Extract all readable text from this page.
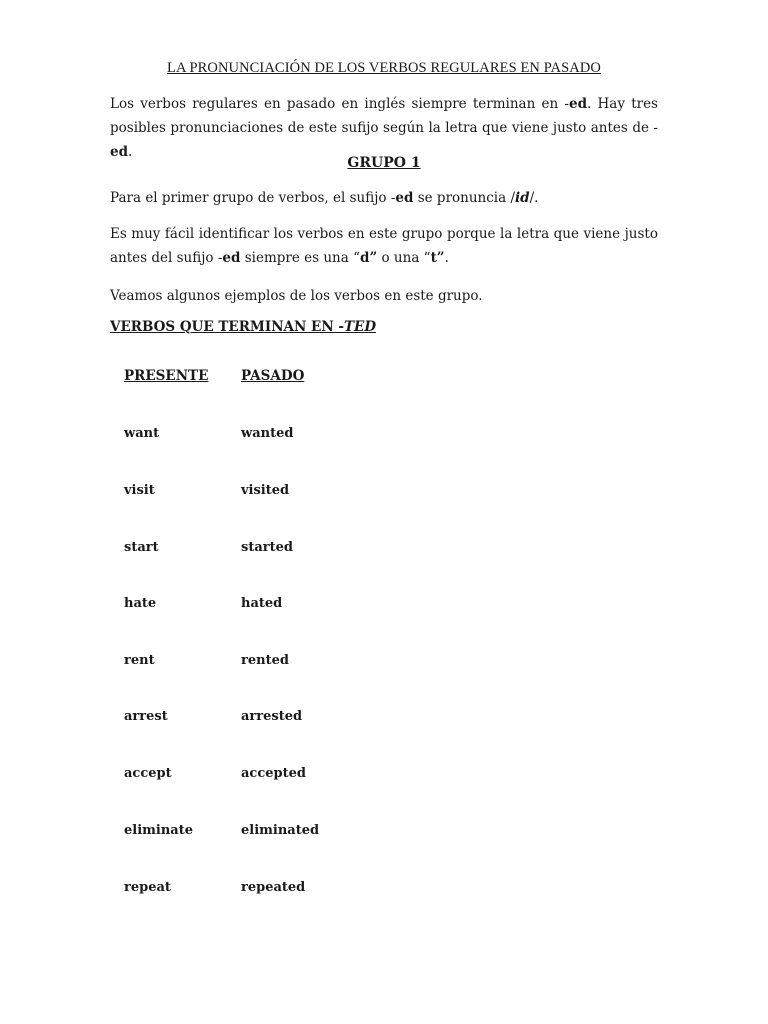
LA PRONUNCIACIÓN DE LOS VERBOS REGULARES EN PASADO
Los verbos regulares en pasado en inglés siempre terminan en -ed. Hay tres posibles pronunciaciones de este sufijo según la letra que viene justo antes de -ed.
GRUPO 1
Para el primer grupo de verbos, el sufijo -ed se pronuncia /id/.
Es muy fácil identificar los verbos en este grupo porque la letra que viene justo antes del sufijo -ed siempre es una “d” o una “t”.
Veamos algunos ejemplos de los verbos en este grupo.
VERBOS QUE TERMINAN EN -TED
PRESENTE PASADO
want	wanted
visit	visited
start	started
hate	hated
rent	rented
arrest	arrested
accept	accepted
eliminate	eliminated
repeat	repeated
